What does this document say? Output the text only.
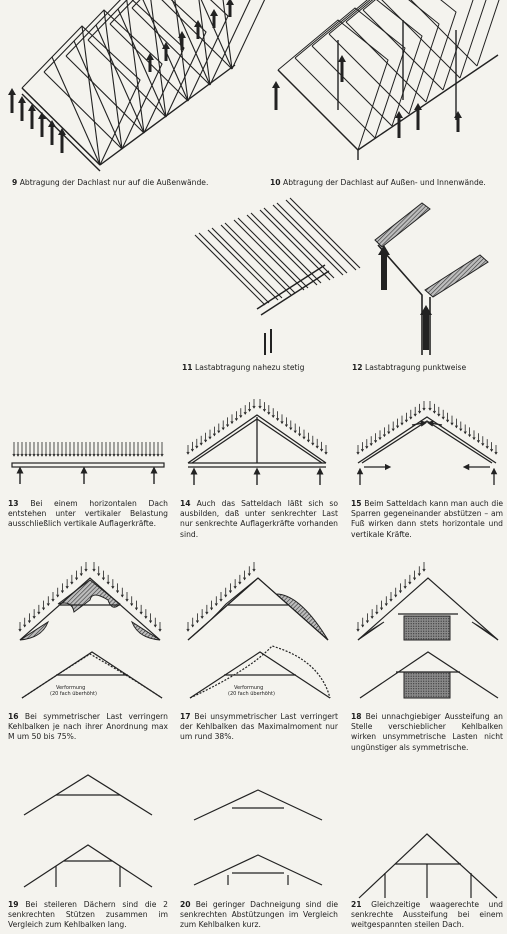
9 Abtragung der Dachlast nur auf die Außenwände.	10 Abtragung der Dachlast auf Außen- und Innenwände.
11 Lastabtragung nahezu stetig	12 Lastabtragung punktweise
13 Bei einem horizontalen Dach entstehen unter vertikaler Belastung ausschließlich vertikale Auflagerkräfte.
14 Auch das Satteldach läßt sich so ausbilden, daß unter senkrechter Last nur senkrechte Auflagerkräfte vorhanden sind.
15 Beim Satteldach kann man auch die Sparren gegeneinander abstützen – am Fuß wirken dann stets horizontale und vertikale Kräfte.
Verformung
(20 fach überhöht)
Verformung
(20 fach überhöht)
16 Bei symmetrischer Last verringern Kehlbalken je nach ihrer Anordnung max M um 50 bis 75%.
17 Bei unsymmetrischer Last verringert der Kehlbalken das Maximalmoment nur um rund 38%.
18 Bei unnachgiebiger Aussteifung an Stelle verschieblicher Kehlbalken wirken unsymmetrische Lasten nicht ungünstiger als symmetrische.
19 Bei steileren Dächern sind die 2 senkrechten Stützen zusammen im Vergleich zum Kehlbalken lang.
20 Bei geringer Dachneigung sind die senkrechten Abstützungen im Vergleich zum Kehlbalken kurz.
21 Gleichzeitige waagerechte und senkrechte Aussteifung bei einem weitgespannten steilen Dach.
